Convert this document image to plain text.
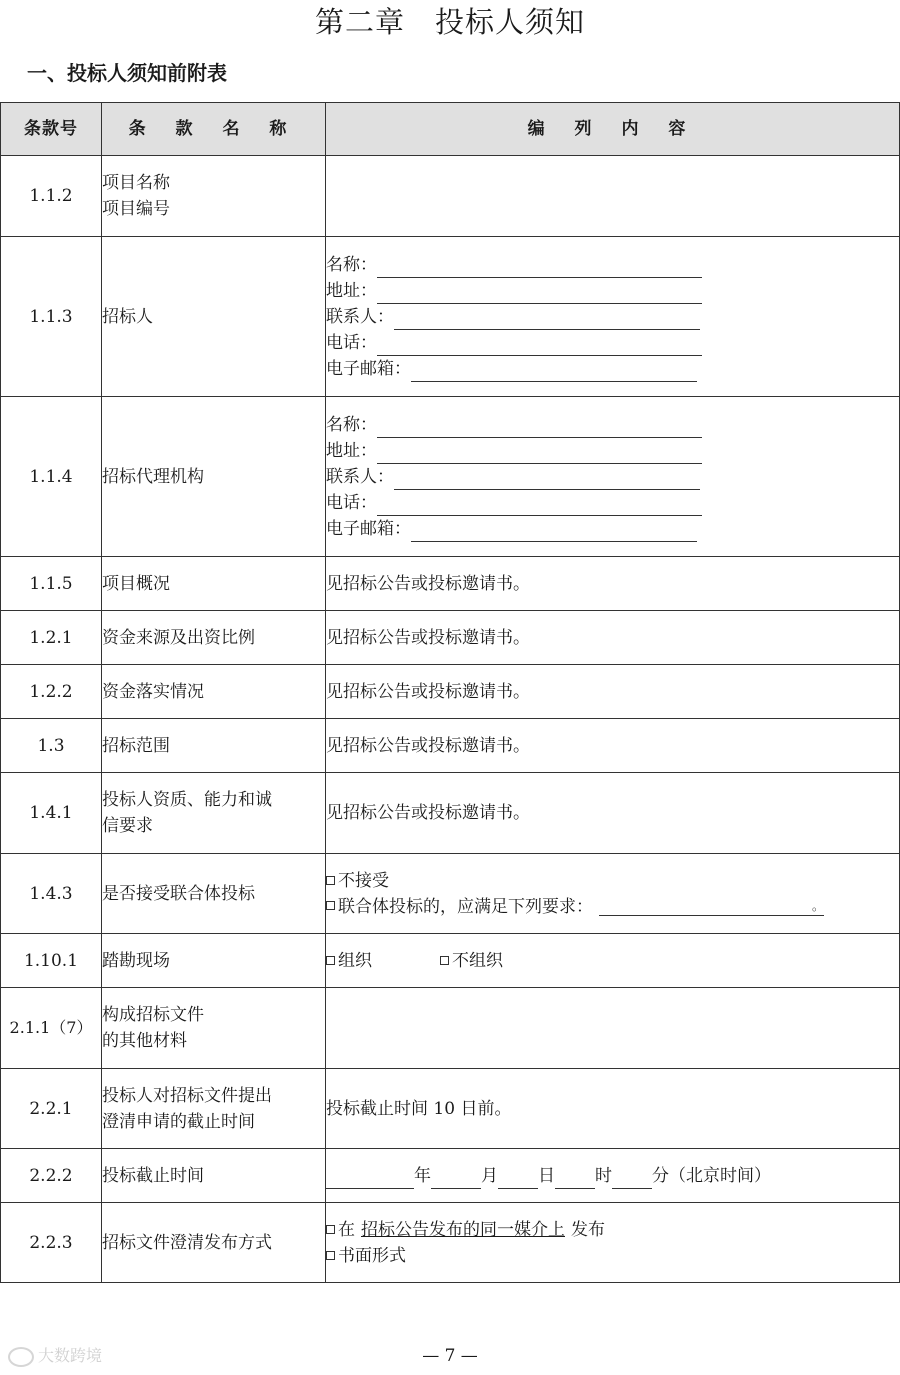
第二章 投标人须知
一、投标人须知前附表
条款号	条 款 名 称	编 列 内 容
1.1.2	项目名称
项目编号	

1.1.3	招标人	名称：
地址：
联系人：
电话：
电子邮箱：

1.1.4	招标代理机构	名称：
地址：
联系人：
电话：
电子邮箱：

1.1.5	项目概况	见招标公告或投标邀请书。
1.2.1	资金来源及出资比例	见招标公告或投标邀请书。
1.2.2	资金落实情况	见招标公告或投标邀请书。
1.3	招标范围	见招标公告或投标邀请书。
1.4.1	投标人资质、能力和诚
信要求	见招标公告或投标邀请书。
1.4.3	是否接受联合体投标	不接受
联合体投标的，应满足下列要求： 。

1.10.1	踏勘现场	组织 不组织
2.1.1（7）	构成招标文件
的其他材料	

2.2.1	投标人对招标文件提出
澄清申请的截止时间	投标截止时间 10 日前。
2.2.2	投标截止时间	年 月 日 时 分（北京时间）
2.2.3	招标文件澄清发布方式	在 招标公告发布的同一媒介上 发布
书面形式
大数跨境	— 7 —
